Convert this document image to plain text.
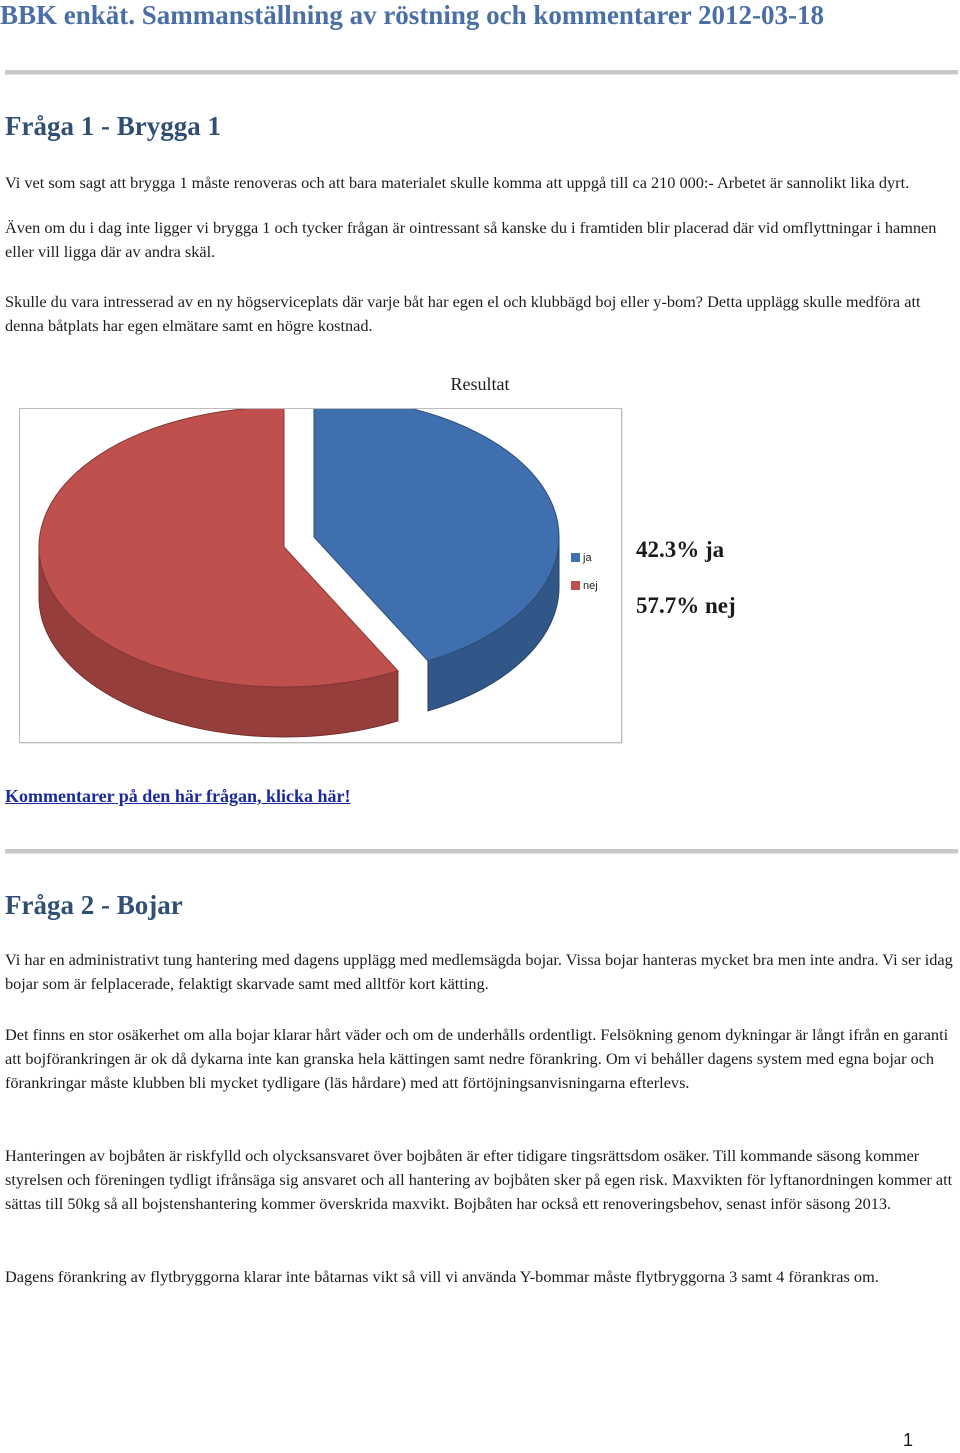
BBK enkät. Sammanställning av röstning och kommentarer 2012-03-18
Fråga 1 - Brygga 1

Vi vet som sagt att brygga 1 måste renoveras och att bara materialet skulle komma att uppgå till ca 210 000:- Arbetet är sannolikt lika dyrt.

Även om du i dag inte ligger vi brygga 1 och tycker frågan är ointressant så kanske du i framtiden blir placerad där vid omflyttningar i hamnen eller vill ligga där av andra skäl.

Skulle du vara intresserad av en ny högserviceplats där varje båt har egen el och klubbägd boj eller y-bom? Detta upplägg skulle medföra att denna båtplats har egen elmätare samt en högre kostnad.

Resultat

ja
nej

42.3% ja

57.7% nej

Kommentarer på den här frågan, klicka här!
Fråga 2 - Bojar

Vi har en administrativt tung hantering med dagens upplägg med medlemsägda bojar. Vissa bojar hanteras mycket bra men inte andra. Vi ser idag bojar som är felplacerade, felaktigt skarvade samt med alltför kort kätting.

Det finns en stor osäkerhet om alla bojar klarar hårt väder och om de underhålls ordentligt. Felsökning genom dykningar är långt ifrån en garanti att bojförankringen är ok då dykarna inte kan granska hela kättingen samt nedre förankring. Om vi behåller dagens system med egna bojar och förankringar måste klubben bli mycket tydligare (läs hårdare) med att förtöjningsanvisningarna efterlevs.

Hanteringen av bojbåten är riskfylld och olycksansvaret över bojbåten är efter tidigare tingsrättsdom osäker. Till kommande säsong kommer styrelsen och föreningen tydligt ifrånsäga sig ansvaret och all hantering av bojbåten sker på egen risk. Maxvikten för lyftanordningen kommer att sättas till 50kg så all bojstenshantering kommer överskrida maxvikt. Bojbåten har också ett renoveringsbehov, senast inför säsong 2013.

Dagens förankring av flytbryggorna klarar inte båtarnas vikt så vill vi använda Y-bommar måste flytbryggorna 3 samt 4 förankras om.

1
